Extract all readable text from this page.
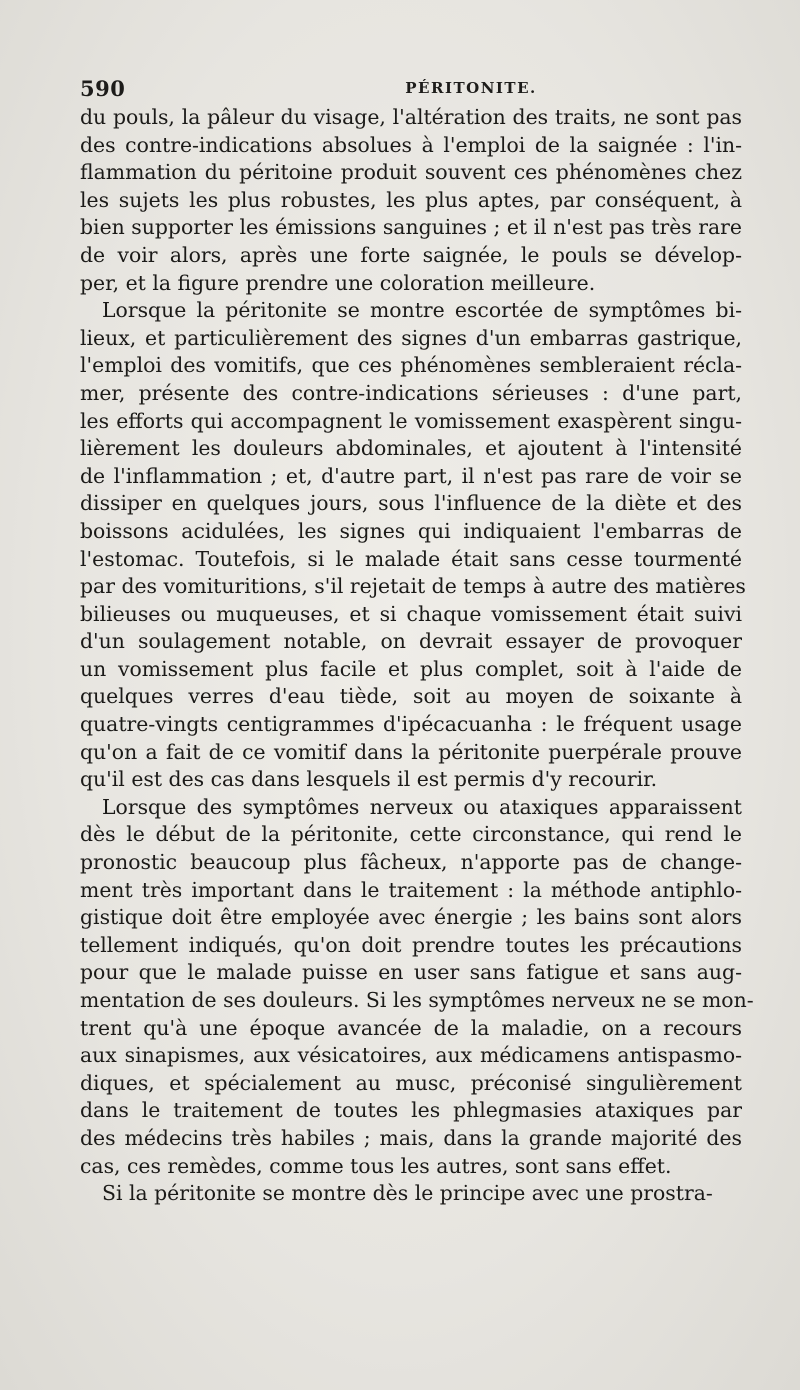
590	PÉRITONITE.
du pouls, la pâleur du visage, l'altération des traits, ne sont pas
des contre-indications absolues à l'emploi de la saignée : l'in-
flammation du péritoine produit souvent ces phénomènes chez
les sujets les plus robustes, les plus aptes, par conséquent, à
bien supporter les émissions sanguines ; et il n'est pas très rare
de voir alors, après une forte saignée, le pouls se dévelop-
per, et la figure prendre une coloration meilleure.
Lorsque la péritonite se montre escortée de symptômes bi-
lieux, et particulièrement des signes d'un embarras gastrique,
l'emploi des vomitifs, que ces phénomènes sembleraient récla-
mer, présente des contre-indications sérieuses : d'une part,
les efforts qui accompagnent le vomissement exaspèrent singu-
lièrement les douleurs abdominales, et ajoutent à l'intensité
de l'inflammation ; et, d'autre part, il n'est pas rare de voir se
dissiper en quelques jours, sous l'influence de la diète et des
boissons acidulées, les signes qui indiquaient l'embarras de
l'estomac. Toutefois, si le malade était sans cesse tourmenté
par des vomituritions, s'il rejetait de temps à autre des matières
bilieuses ou muqueuses, et si chaque vomissement était suivi
d'un soulagement notable, on devrait essayer de provoquer
un vomissement plus facile et plus complet, soit à l'aide de
quelques verres d'eau tiède, soit au moyen de soixante à
quatre-vingts centigrammes d'ipécacuanha : le fréquent usage
qu'on a fait de ce vomitif dans la péritonite puerpérale prouve
qu'il est des cas dans lesquels il est permis d'y recourir.
Lorsque des symptômes nerveux ou ataxiques apparaissent
dès le début de la péritonite, cette circonstance, qui rend le
pronostic beaucoup plus fâcheux, n'apporte pas de change-
ment très important dans le traitement : la méthode antiphlo-
gistique doit être employée avec énergie ; les bains sont alors
tellement indiqués, qu'on doit prendre toutes les précautions
pour que le malade puisse en user sans fatigue et sans aug-
mentation de ses douleurs. Si les symptômes nerveux ne se mon-
trent qu'à une époque avancée de la maladie, on a recours
aux sinapismes, aux vésicatoires, aux médicamens antispasmo-
diques, et spécialement au musc, préconisé singulièrement
dans le traitement de toutes les phlegmasies ataxiques par
des médecins très habiles ; mais, dans la grande majorité des
cas, ces remèdes, comme tous les autres, sont sans effet.
Si la péritonite se montre dès le principe avec une prostra-
